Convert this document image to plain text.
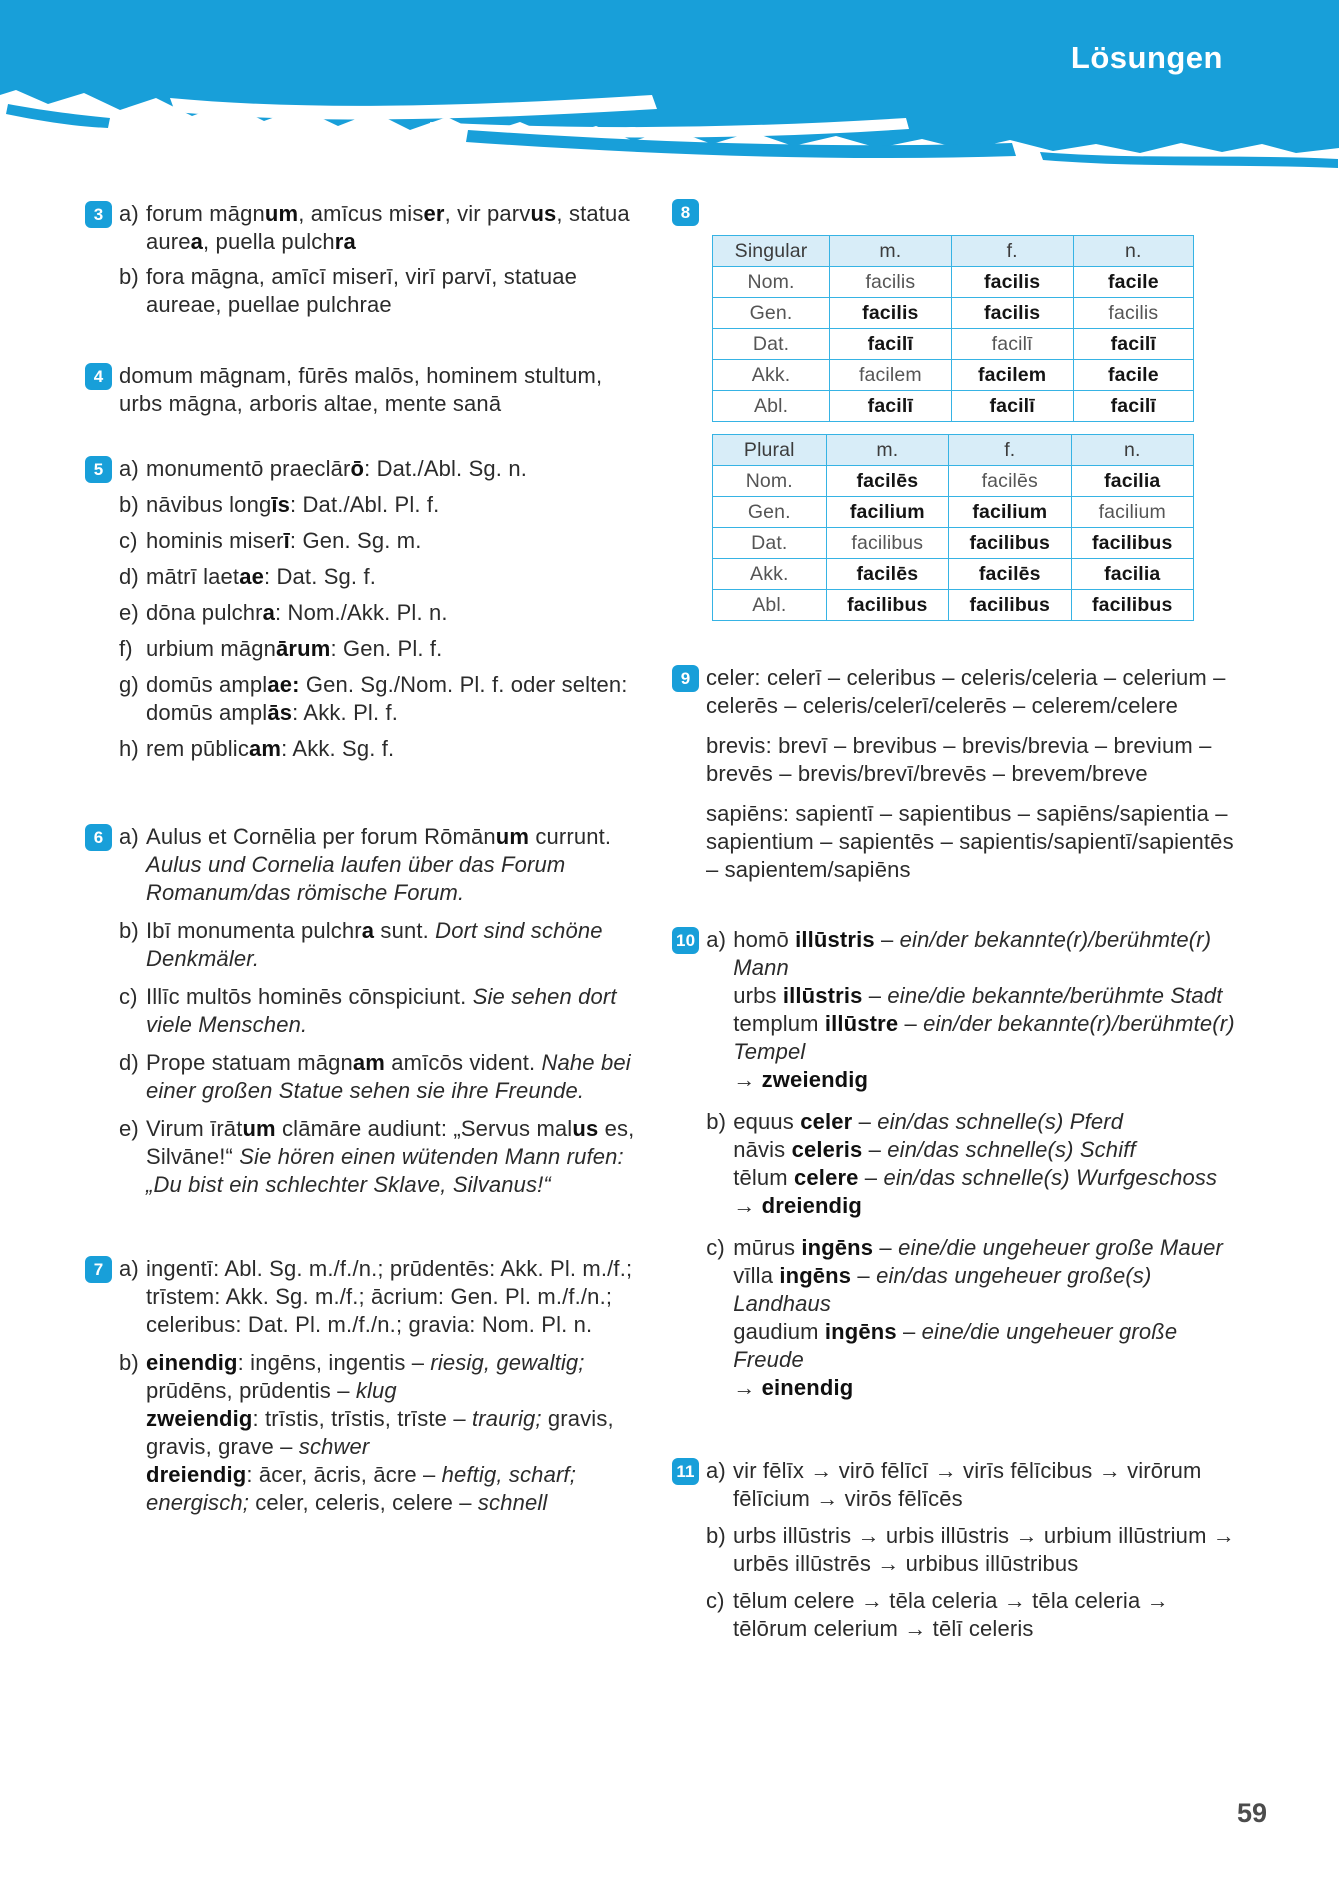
Lösungen
3 a) forum māgnum, amīcus miser, vir parvus, statua aurea, puella pulchra
b) fora māgna, amīcī miserī, virī parvī, statuae aureae, puellae pulchrae
4 domum māgnam, fūrēs malōs, hominem stultum, urbs māgna, arboris altae, mente sanā
5 a) monumentō praeclārō: Dat./Abl. Sg. n.
b) nāvibus longīs: Dat./Abl. Pl. f.
c) hominis miserī: Gen. Sg. m.
d) mātrī laetae: Dat. Sg. f.
e) dōna pulchra: Nom./Akk. Pl. n.
f) urbium māgnārum: Gen. Pl. f.
g) domūs amplae: Gen. Sg./Nom. Pl. f. oder selten: domūs amplās: Akk. Pl. f.
h) rem pūblicam: Akk. Sg. f.
6 a) Aulus et Cornēlia per forum Rōmānum currunt. Aulus und Cornelia laufen über das Forum Romanum/das römische Forum.
b) Ibī monumenta pulchra sunt. Dort sind schöne Denkmäler.
c) Illīc multōs hominēs cōnspiciunt. Sie sehen dort viele Menschen.
d) Prope statuam māgnam amīcōs vident. Nahe bei einer großen Statue sehen sie ihre Freunde.
e) Virum īrātum clāmāre audiunt: „Servus malus es, Silvāne!“ Sie hören einen wütenden Mann rufen: „Du bist ein schlechter Sklave, Silvanus!“
7 a) ingentī: Abl. Sg. m./f./n.; prūdentēs: Akk. Pl. m./f.; trīstem: Akk. Sg. m./f.; ācrium: Gen. Pl. m./f./n.; celeribus: Dat. Pl. m./f./n.; gravia: Nom. Pl. n.
b) einendig: ingēns, ingentis – riesig, gewaltig; prūdēns, prūdentis – klug
zweiendig: trīstis, trīstis, trīste – traurig; gravis, gravis, grave – schwer
dreiendig: ācer, ācris, ācre – heftig, scharf; energisch; celer, celeris, celere – schnell
8
Singular	m.	f.	n.
Nom.	facilis	facilis	facile
Gen.	facilis	facilis	facilis
Dat.	facilī	facilī	facilī
Akk.	facilem	facilem	facile
Abl.	facilī	facilī	facilī
Plural	m.	f.	n.
Nom.	facilēs	facilēs	facilia
Gen.	facilium	facilium	facilium
Dat.	facilibus	facilibus	facilibus
Akk.	facilēs	facilēs	facilia
Abl.	facilibus	facilibus	facilibus
9 celer: celerī – celeribus – celeris/celeria – celerium – celerēs – celeris/celerī/celerēs – celerem/celere
brevis: brevī – brevibus – brevis/brevia – brevium – brevēs – brevis/brevī/brevēs – brevem/breve
sapiēns: sapientī – sapientibus – sapiēns/sapientia – sapientium – sapientēs – sapientis/sapientī/sapientēs – sapientem/sapiēns
10 a) homō illūstris – ein/der bekannte(r)/berühmte(r) Mann
urbs illūstris – eine/die bekannte/berühmte Stadt
templum illūstre – ein/der bekannte(r)/berühmte(r) Tempel
→ zweiendig
b) equus celer – ein/das schnelle(s) Pferd
nāvis celeris – ein/das schnelle(s) Schiff
tēlum celere – ein/das schnelle(s) Wurfgeschoss
→ dreiendig
c) mūrus ingēns – eine/die ungeheuer große Mauer
vīlla ingēns – ein/das ungeheuer große(s) Landhaus
gaudium ingēns – eine/die ungeheuer große Freude
→ einendig
11 a) vir fēlīx → virō fēlīcī → virīs fēlīcibus → virōrum fēlīcium → virōs fēlīcēs
b) urbs illūstris → urbis illūstris → urbium illūstrium → urbēs illūstrēs → urbibus illūstribus
c) tēlum celere → tēla celeria → tēla celeria → tēlōrum celerium → tēlī celeris
59
